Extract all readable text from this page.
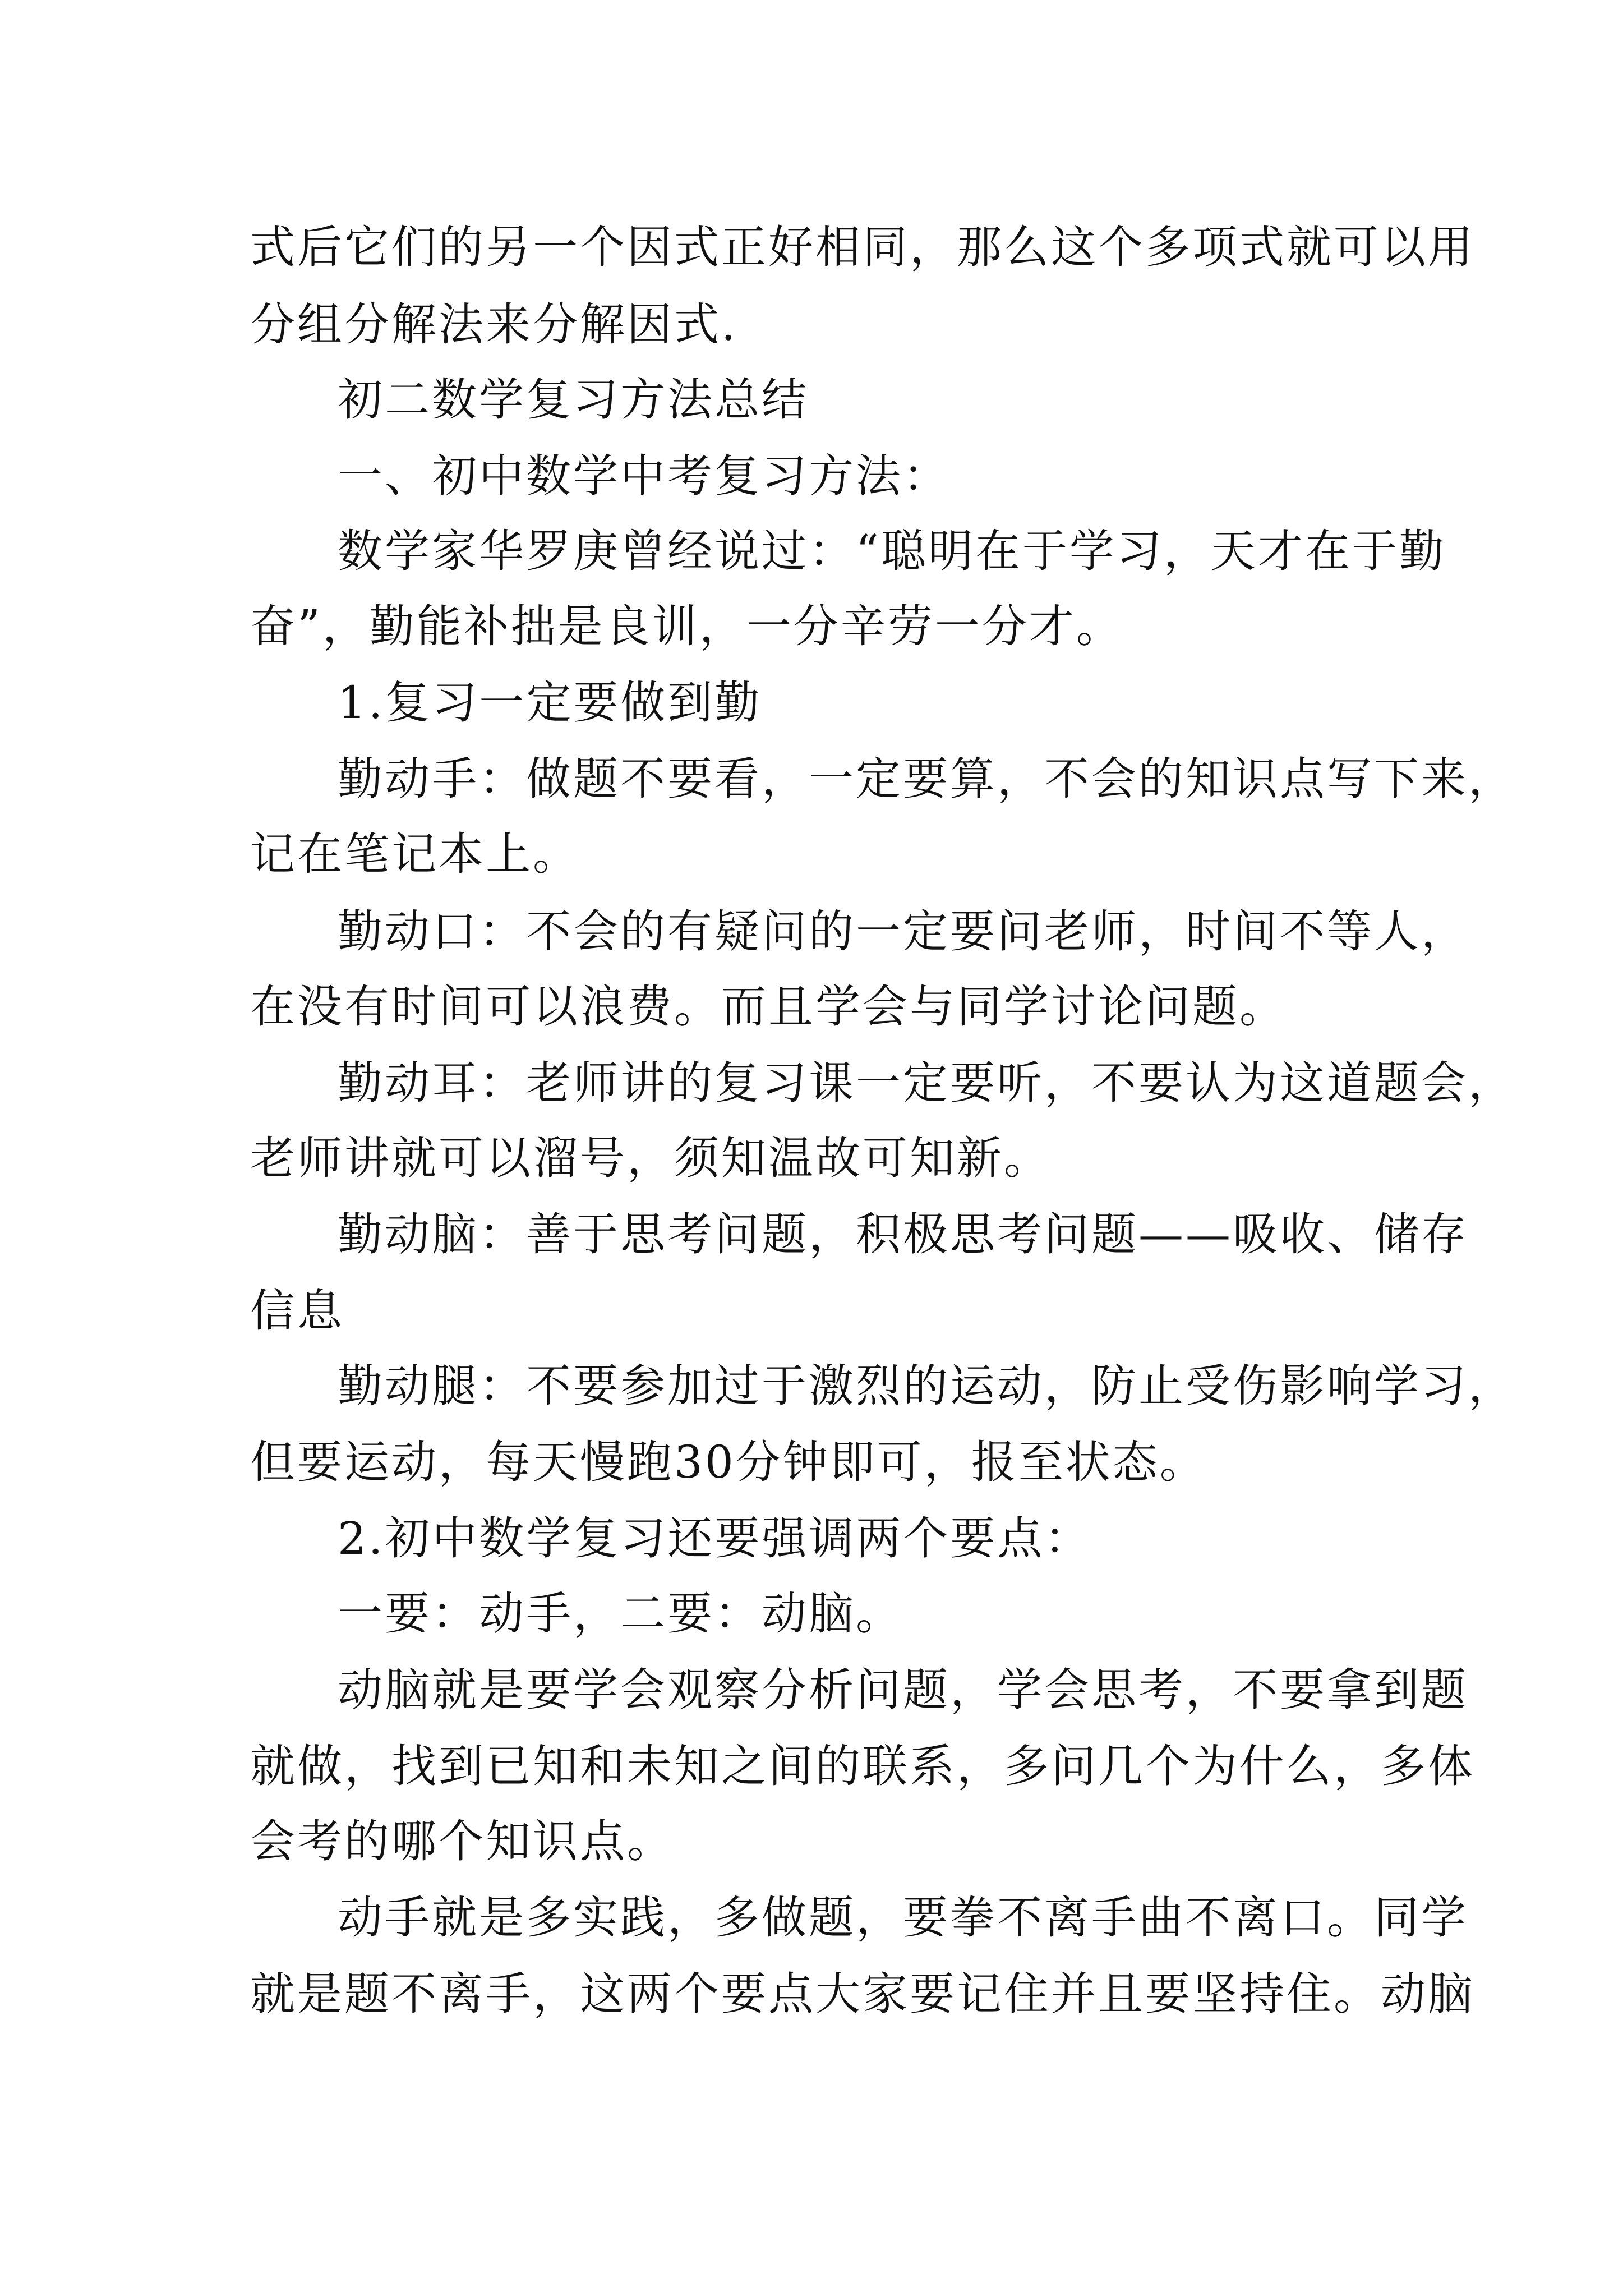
式后它们的另一个因式正好相同，那么这个多项式就可以用
分组分解法来分解因式.
初二数学复习方法总结
一、初中数学中考复习方法：
数学家华罗庚曾经说过：“聪明在于学习，天才在于勤
奋”，勤能补拙是良训，一分辛劳一分才。
1.复习一定要做到勤
勤动手：做题不要看，一定要算，不会的知识点写下来，
记在笔记本上。
勤动口：不会的有疑问的一定要问老师，时间不等人，
在没有时间可以浪费。而且学会与同学讨论问题。
勤动耳：老师讲的复习课一定要听，不要认为这道题会，
老师讲就可以溜号，须知温故可知新。
勤动脑：善于思考问题，积极思考问题——吸收、储存
信息
勤动腿：不要参加过于激烈的运动，防止受伤影响学习，
但要运动，每天慢跑30分钟即可，报至状态。
2.初中数学复习还要强调两个要点：
一要：动手，二要：动脑。
动脑就是要学会观察分析问题，学会思考，不要拿到题
就做，找到已知和未知之间的联系，多问几个为什么，多体
会考的哪个知识点。
动手就是多实践，多做题，要拳不离手曲不离口。同学
就是题不离手，这两个要点大家要记住并且要坚持住。动脑
